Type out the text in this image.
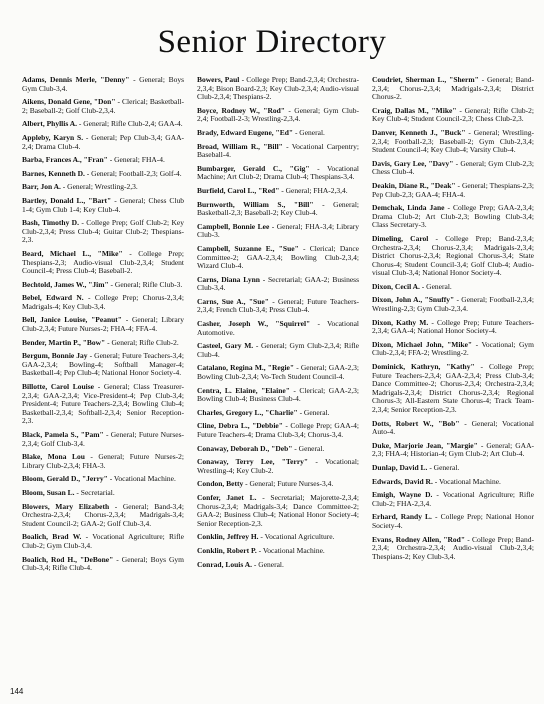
Senior Directory

Adams, Dennis Merle, "Denny" - General; Boys Gym Club-3,4.

Aikens, Donald Gene, "Don" - Clerical; Basketball-2; Baseball-2; Golf Club-2,3,4.

Albert, Phyllis A. - General; Rifle Club-2,4; GAA-4.

Appleby, Karyn S. - General; Pep Club-3,4; GAA-2,4; Drama Club-4.

Barba, Frances A., "Fran" - General; FHA-4.

Barnes, Kenneth D. - General; Football-2,3; Golf-4.

Barr, Jon A. - General; Wrestling-2,3.

Bartley, Donald L., "Bart" - General; Chess Club 1-4; Gym Club 1-4; Key Club-4.

Bash, Timothy D. - College Prep; Golf Club-2; Key Club-2,3,4; Press Club-4; Guitar Club-2; Thespians-2,3.

Beard, Michael L., "Mike" - College Prep; Thespians-2,3; Audio-visual Club-2,3,4; Student Council-4; Press Club-4; Baseball-2.

Bechtold, James W., "Jim" - General; Rifle Club-3.

Bebel, Edward N. - College Prep; Chorus-2,3,4; Madrigals-4; Key Club-3,4.

Bell, Janice Louise, "Peanut" - General; Library Club-2,3,4; Future Nurses-2; FHA-4; FFA-4.

Bender, Martin P., "Bow" - General; Rifle Club-2.

Bergum, Bonnie Jay - General; Future Teachers-3,4; GAA-2,3,4; Bowling-4; Softball Manager-4; Basketball-4; Pep Club-4; National Honor Society-4.

Billotte, Carol Louise - General; Class Treasurer-2,3,4; GAA-2,3,4; Vice-President-4; Pep Club-3,4; President-4; Future Teachers-2,3,4; Bowling Club-4; Basketball-2,3,4; Softball-2,3,4; Senior Reception-2,3.

Black, Pamela S., "Pam" - General; Future Nurses-2,3,4; Golf Club-3,4.

Blake, Mona Lou - General; Future Nurses-2; Library Club-2,3,4; FHA-3.

Bloom, Gerald D., "Jerry" - Vocational Machine.

Bloom, Susan L. - Secretarial.

Blowers, Mary Elizabeth - General; Band-3,4; Orchestra-2,3,4; Chorus-2,3,4; Madrigals-3,4; Student Council-2; GAA-2; Golf Club-3,4.

Boalich, Brad W. - Vocational Agriculture; Rifle Club-2; Gym Club-3,4.

Boalich, Rod H., "DeBone" - General; Boys Gym Club-3,4; Rifle Club-4.

Bowers, Paul - College Prep; Band-2,3,4; Orchestra-2,3,4; Bison Board-2,3; Key Club-2,3,4; Audio-visual Club-2,3,4; Thespians-2.

Boyce, Rodney W., "Rod" - General; Gym Club-2,4; Football-2-3; Wrestling-2,3,4.

Brady, Edward Eugene, "Ed" - General.

Broad, William R., "Bill" - Vocational Carpentry; Baseball-4.

Bumbarger, Gerald C., "Gig" - Vocational Machine; Art Club-2; Drama Club-4; Thespians-3,4.

Burfield, Carol L., "Red" - General; FHA-2,3,4.

Burnworth, William S., "Bill" - General; Basketball-2,3; Baseball-2; Key Club-4.

Campbell, Bonnie Lee - General; FHA-3,4; Library Club-3.

Campbell, Suzanne E., "Sue" - Clerical; Dance Committee-2; GAA-2,3,4; Bowling Club-2,3,4; Wizard Club-4.

Carns, Diana Lynn - Secretarial; GAA-2; Business Club-3,4.

Carns, Sue A., "Sue" - General; Future Teachers-2,3,4; French Club-3,4; Press Club-4.

Casher, Joseph W., "Squirrel" - Vocational Automotive.

Casteel, Gary M. - General; Gym Club-2,3,4; Rifle Club-4.

Catalano, Regina M., "Regie" - General; GAA-2,3; Bowling Club-2,3,4; Vo-Tech Student Council-4.

Centra, L. Elaine, "Elaine" - Clerical; GAA-2,3; Bowling Club-4; Business Club-4.

Charles, Gregory L., "Charlie" - General.

Cline, Debra L., "Debbie" - College Prep; GAA-4; Future Teachers-4; Drama Club-3,4; Chorus-3,4.

Conaway, Deborah D., "Deb" - General.

Conaway, Terry Lee, "Terry" - Vocational; Wrestling-4; Key Club-2.

Condon, Betty - General; Future Nurses-3,4.

Confer, Janet L. - Secretarial; Majorette-2,3,4; Chorus-2,3,4; Madrigals-3,4; Dance Committee-2; GAA-2; Business Club-4; National Honor Society-4; Senior Reception-2,3.

Conklin, Jeffrey H. - Vocational Agriculture.

Conklin, Robert P. - Vocational Machine.

Conrad, Louis A. - General.

Coudriet, Sherman L., "Sherm" - General; Band-2,3,4; Chorus-2,3,4; Madrigals-2,3,4; District Chorus-2.

Craig, Dallas M., "Mike" - General; Rifle Club-2; Key Club-4; Student Council-2,3; Chess Club-2,3.

Danver, Kenneth J., "Buck" - General; Wrestling-2,3,4; Football-2,3; Baseball-2; Gym Club-2,3,4; Student Council-4; Key Club-4; Varsity Club-4.

Davis, Gary Lee, "Davy" - General; Gym Club-2,3; Chess Club-4.

Deakin, Diane R., "Deak" - General; Thespians-2,3; Pep Club-2,3; GAA-4; FHA-4.

Demchak, Linda Jane - College Prep; GAA-2,3,4; Drama Club-2; Art Club-2,3; Bowling Club-3,4; Class Secretary-3.

Dimeling, Carol - College Prep; Band-2,3,4; Orchestra-2,3,4; Chorus-2,3,4; Madrigals-2,3,4; District Chorus-2,3,4; Regional Chorus-3,4; State Chorus-4; Student Council-3,4; Golf Club-4; Audio-visual Club-3,4; National Honor Society-4.

Dixon, Cecil A. - General.

Dixon, John A., "Snuffy" - General; Football-2,3,4; Wrestling-2,3; Gym Club-2,3,4.

Dixon, Kathy M. - College Prep; Future Teachers-2,3,4; GAA-4; National Honor Society-4.

Dixon, Michael John, "Mike" - Vocational; Gym Club-2,3,4; FFA-2; Wrestling-2.

Dominick, Kathryn, "Kathy" - College Prep; Future Teachers-2,3,4; GAA-2,3,4; Press Club-3,4; Dance Committee-2; Chorus-2,3,4; Orchestra-2,3,4; Madrigals-2,3,4; District Chorus-2,3,4; Regional Chorus-3; All-Eastern State Chorus-4; Track Team-2,3,4; Senior Reception-2,3.

Dotts, Robert W., "Bob" - General; Vocational Auto-4.

Duke, Marjorie Jean, "Margie" - General; GAA-2,3; FHA-4; Historian-4; Gym Club-2; Art Club-4.

Dunlap, David L. - General.

Edwards, David R. - Vocational Machine.

Emigh, Wayne D. - Vocational Agriculture; Rifle Club-2; FHA-2,3,4.

Erhard, Randy L. - College Prep; National Honor Society-4.

Evans, Rodney Allen, "Rod" - College Prep; Band-2,3,4; Orchestra-2,3,4; Audio-visual Club-2,3,4; Thespians-2; Key Club-3,4.

144
